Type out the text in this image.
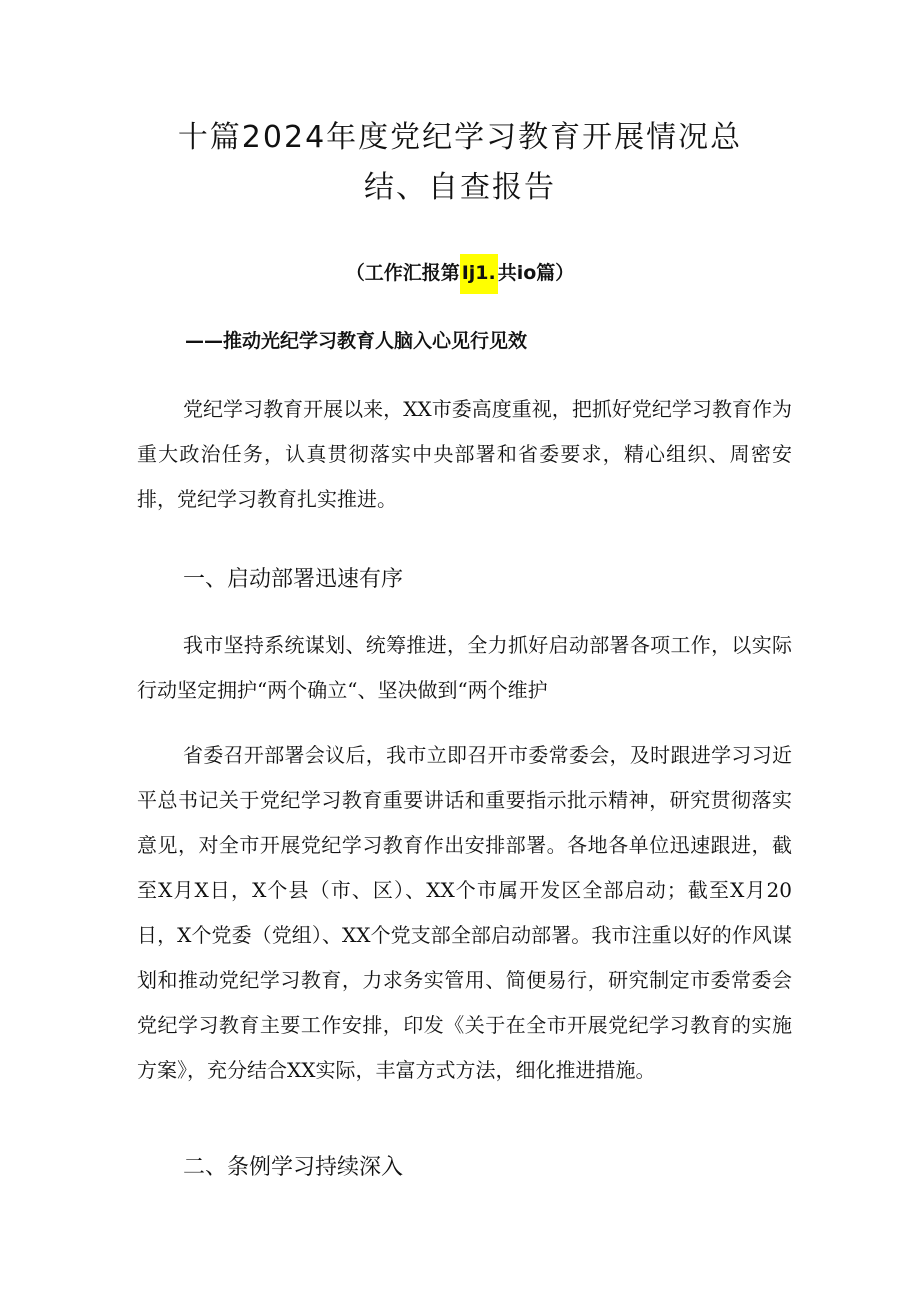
十篇2024年度党纪学习教育开展情况总
结、自查报告

（工作汇报第 Ij1. 共io篇）

——推动光纪学习教育人脑入心见行见效

党纪学习教育开展以来，XX市委高度重视，把抓好党纪学习教育作为重大政治任务，认真贯彻落实中央部署和省委要求，精心组织、周密安排，党纪学习教育扎实推进。

一、启动部署迅速有序

我市坚持系统谋划、统筹推进，全力抓好启动部署各项工作，以实际行动坚定拥护“两个确立“、坚决做到“两个维护

省委召开部署会议后，我市立即召开市委常委会，及时跟进学习习近平总书记关于党纪学习教育重要讲话和重要指示批示精神，研究贯彻落实意见，对全市开展党纪学习教育作出安排部署。各地各单位迅速跟进，截至X月X日，X个县（市、区）、XX个市属开发区全部启动；截至X月20日，X个党委（党组）、XX个党支部全部启动部署。我市注重以好的作风谋划和推动党纪学习教育，力求务实管用、简便易行，研究制定市委常委会党纪学习教育主要工作安排，印发《关于在全市开展党纪学习教育的实施方案》，充分结合XX实际，丰富方式方法，细化推进措施。

二、条例学习持续深入
